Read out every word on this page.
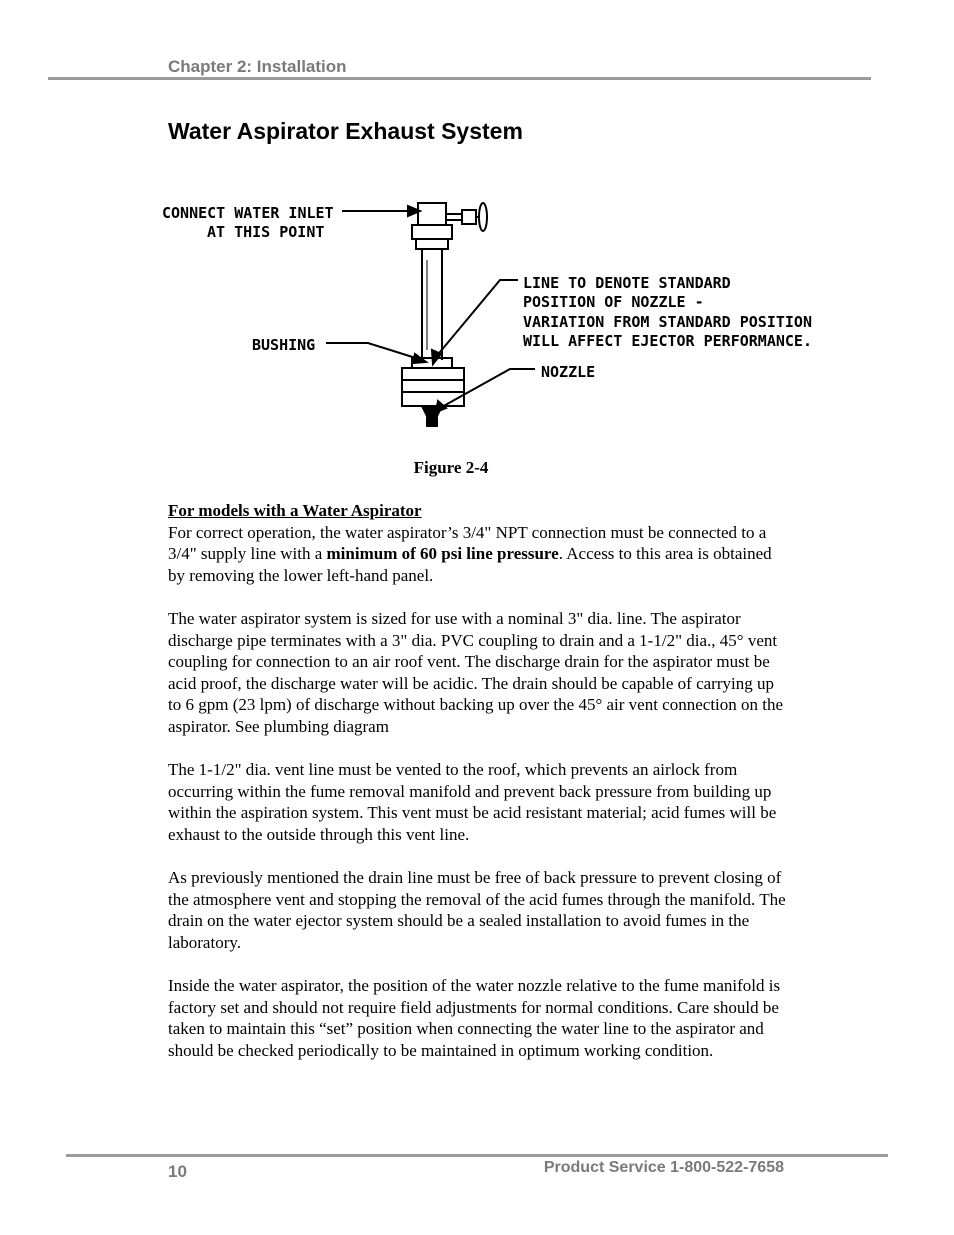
Chapter 2: Installation
Water Aspirator Exhaust System
CONNECT WATER INLET
AT THIS POINT
LINE TO DENOTE STANDARD
POSITION OF NOZZLE -
VARIATION FROM STANDARD POSITION
WILL AFFECT EJECTOR PERFORMANCE.
BUSHING
NOZZLE
Figure 2-4
For models with a Water Aspirator

For correct operation, the water aspirator’s 3/4" NPT connection must be connected to a 3/4" supply line with a minimum of 60 psi line pressure. Access to this area is obtained by removing the lower left-hand panel.

The water aspirator system is sized for use with a nominal 3" dia. line. The aspirator discharge pipe terminates with a 3" dia. PVC coupling to drain and a 1-1/2" dia., 45° vent coupling for connection to an air roof vent. The discharge drain for the aspirator must be acid proof, the discharge water will be acidic. The drain should be capable of carrying up to 6 gpm (23 lpm) of discharge without backing up over the 45° air vent connection on the aspirator. See plumbing diagram

The 1-1/2" dia. vent line must be vented to the roof, which prevents an airlock from occurring within the fume removal manifold and prevent back pressure from building up within the aspiration system. This vent must be acid resistant material; acid fumes will be exhaust to the outside through this vent line.

As previously mentioned the drain line must be free of back pressure to prevent closing of the atmosphere vent and stopping the removal of the acid fumes through the manifold. The drain on the water ejector system should be a sealed installation to avoid fumes in the laboratory.

Inside the water aspirator, the position of the water nozzle relative to the fume manifold is factory set and should not require field adjustments for normal conditions. Care should be taken to maintain this “set” position when connecting the water line to the aspirator and should be checked periodically to be maintained in optimum working condition.

10	Product Service 1-800-522-7658
